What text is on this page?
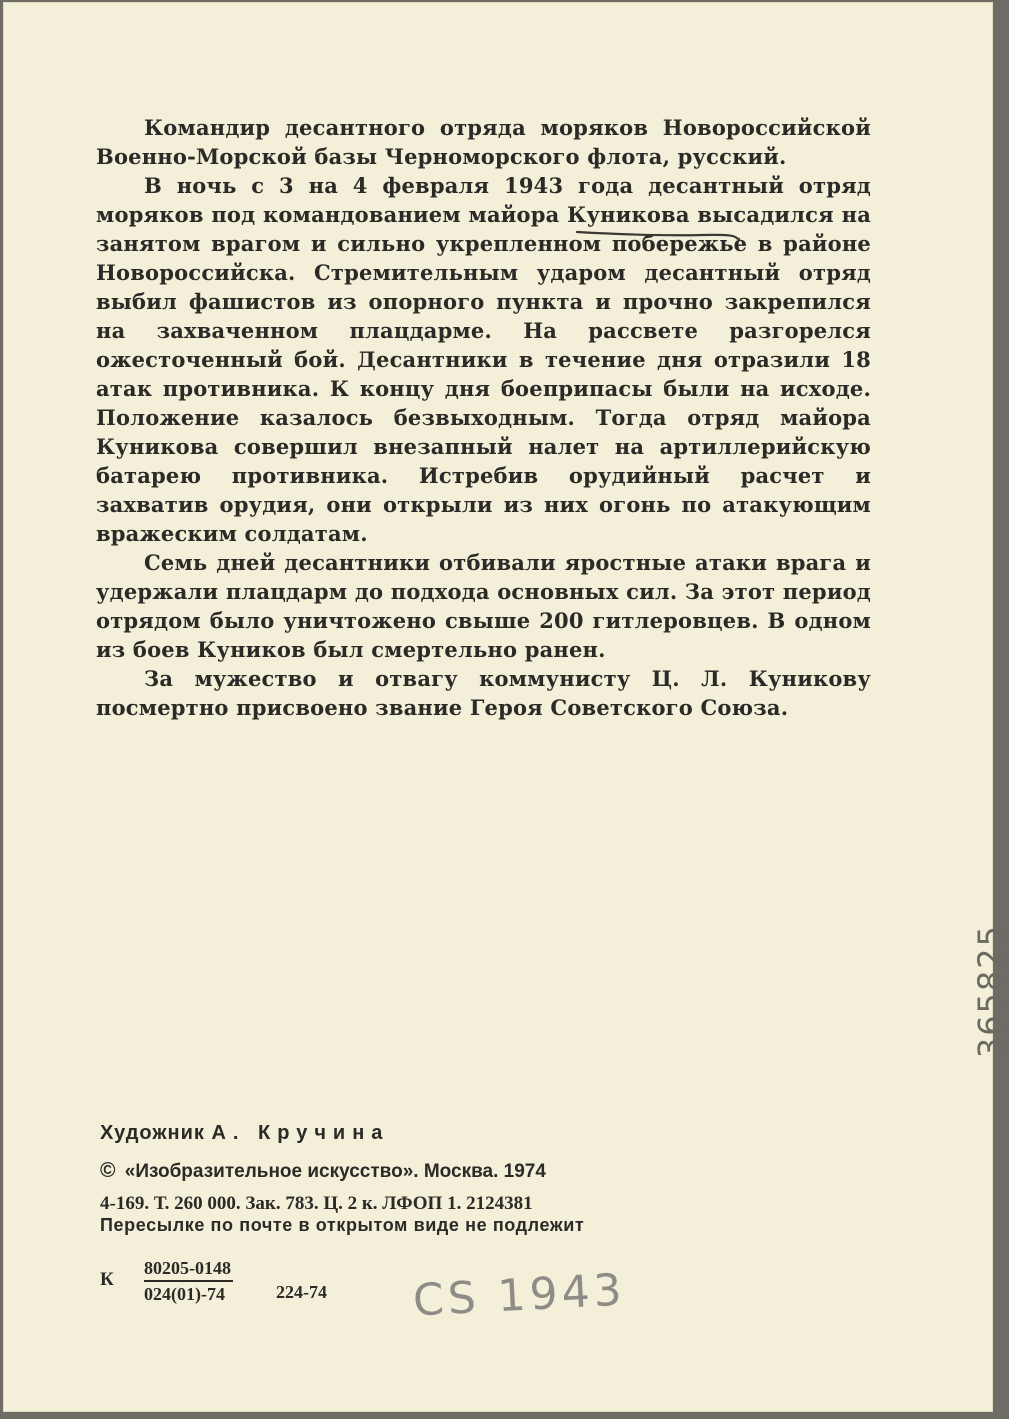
Командир десантного отряда моряков Новороссийской Военно-Морской базы Черноморского флота, русский.

В ночь с 3 на 4 февраля 1943 года десантный отряд моряков под командованием майора Куникова высадился на занятом врагом и сильно укрепленном побережье в районе Новороссийска. Стремительным ударом десантный отряд выбил фашистов из опорного пункта и прочно закрепился на захваченном плацдарме. На рассвете разгорелся ожесточенный бой. Десантники в течение дня отразили 18 атак противника. К концу дня боеприпасы были на исходе. Положение казалось безвыходным. Тогда отряд майора Куникова совершил внезапный налет на артиллерийскую батарею противника. Истребив орудийный расчет и захватив орудия, они открыли из них огонь по атакующим вражеским солдатам.

Семь дней десантники отбивали яростные атаки врага и удержали плацдарм до подхода основных сил. За этот период отрядом было уничтожено свыше 200 гитлеровцев. В одном из боев Куников был смертельно ранен.

За мужество и отвагу коммунисту Ц. Л. Куникову посмертно присвоено звание Героя Советского Союза.

Художник А. Кручина
© «Изобразительное искусство». Москва. 1974
4-169. Т. 260 000. Зак. 783. Ц. 2 к. ЛФОП 1. 2124381
Пересылке по почте в открытом виде не подлежит
К $\frac{80205-0148}{024(01)-74} 224-74$ CS 1943
365825
